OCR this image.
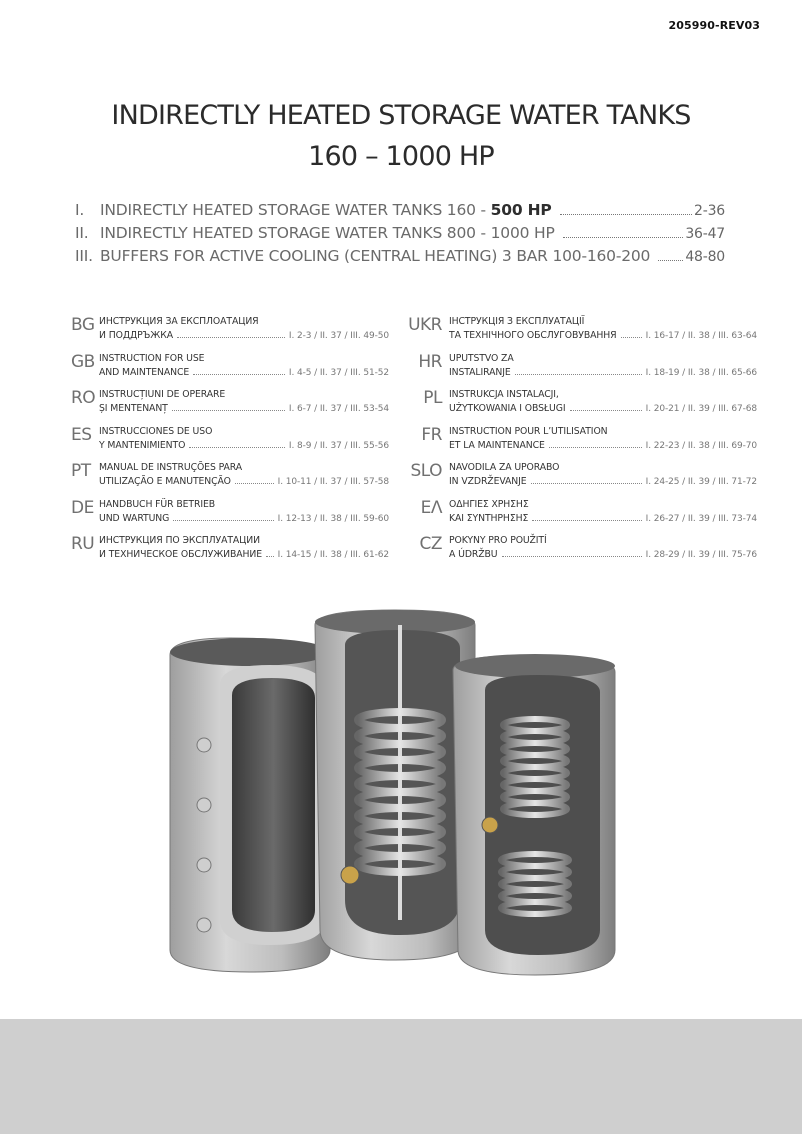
205990-REV03
INDIRECTLY HEATED STORAGE WATER TANKS
160 – 1000 HP
I.	INDIRECTLY HEATED STORAGE WATER TANKS 160 - 500 HP	2-36
II. INDIRECTLY HEATED STORAGE WATER TANKS 800 - 1000 HP	36-47
III. BUFFERS FOR ACTIVE COOLING (CENTRAL HEATING) 3 BAR 100-160-200	48-80
BG ИНСТРУКЦИЯ ЗА ЕКСПЛОАТАЦИЯ
И ПОДДРЪЖКА	I. 2-3 / II. 37 / III. 49-50
GB INSTRUCTION FOR USE
AND MAINTENANCE	I. 4-5 / II. 37 / III. 51-52
RO INSTRUCȚIUNI DE OPERARE
ȘI MENTENANȚ	I. 6-7 / II. 37 / III. 53-54
ES INSTRUCCIONES DE USO
Y MANTENIMIENTO	I. 8-9 / II. 37 / III. 55-56
PT MANUAL DE INSTRUÇÕES PARA
UTILIZAÇÃO E MANUTENÇÃO	I. 10-11 / II. 37 / III. 57-58
DE HANDBUCH FÜR BETRIEB
UND WARTUNG	I. 12-13 / II. 38 / III. 59-60
RU ИНСТРУКЦИЯ ПО ЭКСПЛУАТАЦИИ
И ТЕХНИЧЕСКОЕ ОБСЛУЖИВАНИЕ I. 14-15 / II. 38 / III. 61-62
UKR ІНСТРУКЦІЯ З ЕКСПЛУАТАЦІЇ
ТА ТЕХНІЧНОГО ОБСЛУГОВУВАННЯ	I. 16-17 / II. 38 / III. 63-64
HR UPUTSTVO ZA
INSTALIRANJE	I. 18-19 / II. 38 / III. 65-66
PL INSTRUKCJA INSTALACJI,
UŻYTKOWANIA I OBSŁUGI	I. 20-21 / II. 39 / III. 67-68
FR INSTRUCTION POUR L’UTILISATION
ET LA MAINTENANCE	I. 22-23 / II. 38 / III. 69-70
SLO NAVODILA ZA UPORABO
IN VZDRŽEVANJE	I. 24-25 / II. 39 / III. 71-72
EΛ ΟΔΗΓΙΕΣ ΧΡΗΣΗΣ
ΚΑΙ ΣΥΝΤΗΡΗΣΗΣ	I. 26-27 / II. 39 / III. 73-74
CZ POKYNY PRO POUŽITÍ
A ÚDRŽBU	I. 28-29 / II. 39 / III. 75-76
